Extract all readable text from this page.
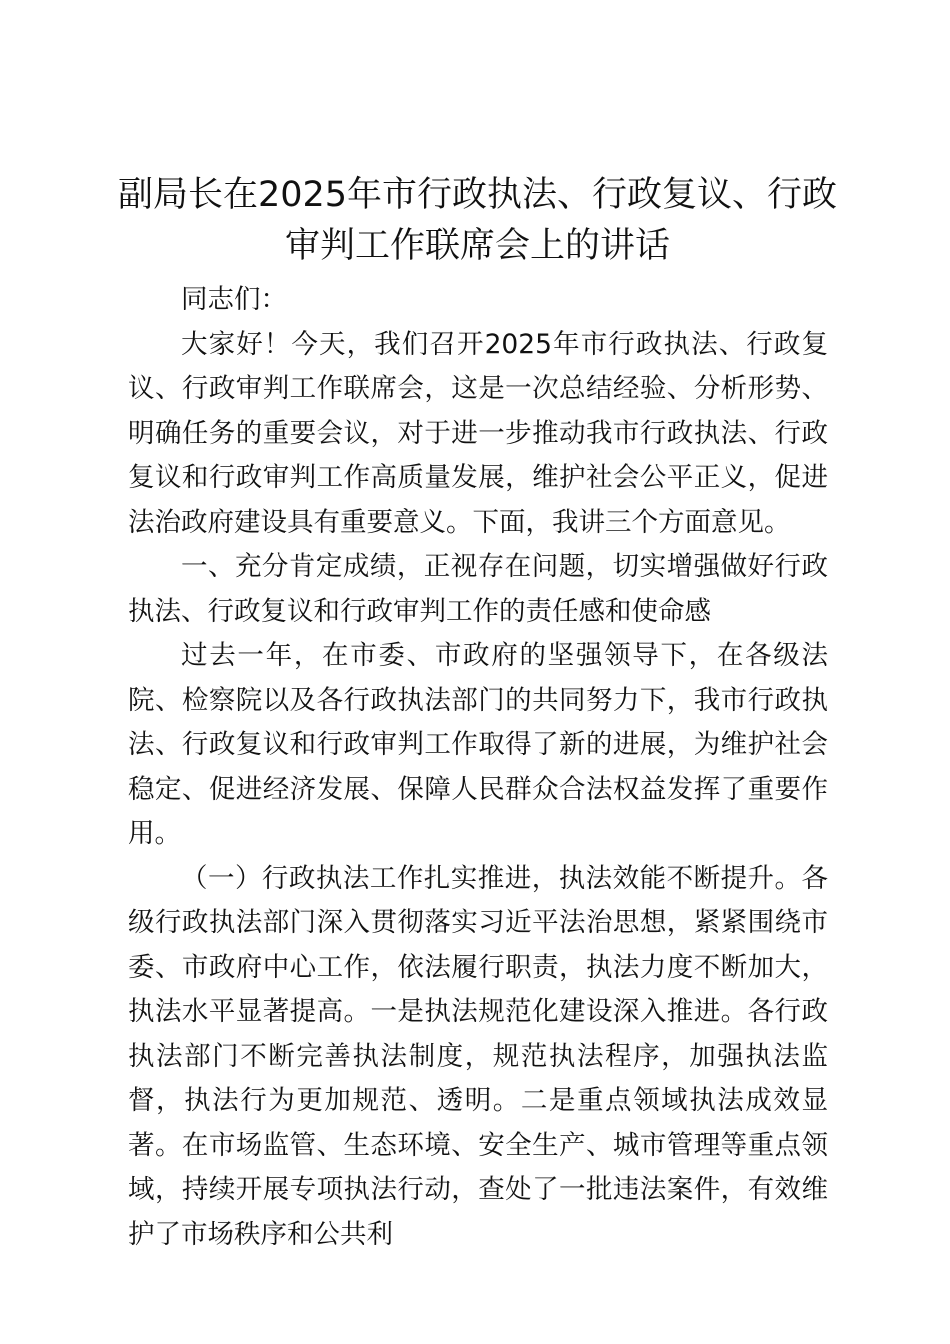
副局长在2025年市行政执法、行政复议、行政审判工作联席会上的讲话

同志们：

大家好！今天，我们召开2025年市行政执法、行政复议、行政审判工作联席会，这是一次总结经验、分析形势、明确任务的重要会议，对于进一步推动我市行政执法、行政复议和行政审判工作高质量发展，维护社会公平正义，促进法治政府建设具有重要意义。下面，我讲三个方面意见。

一、充分肯定成绩，正视存在问题，切实增强做好行政执法、行政复议和行政审判工作的责任感和使命感

过去一年，在市委、市政府的坚强领导下，在各级法院、检察院以及各行政执法部门的共同努力下，我市行政执法、行政复议和行政审判工作取得了新的进展，为维护社会稳定、促进经济发展、保障人民群众合法权益发挥了重要作用。

（一）行政执法工作扎实推进，执法效能不断提升。各级行政执法部门深入贯彻落实习近平法治思想，紧紧围绕市委、市政府中心工作，依法履行职责，执法力度不断加大，执法水平显著提高。一是执法规范化建设深入推进。各行政执法部门不断完善执法制度，规范执法程序，加强执法监督，执法行为更加规范、透明。二是重点领域执法成效显著。在市场监管、生态环境、安全生产、城市管理等重点领域，持续开展专项执法行动，查处了一批违法案件，有效维护了市场秩序和公共利
